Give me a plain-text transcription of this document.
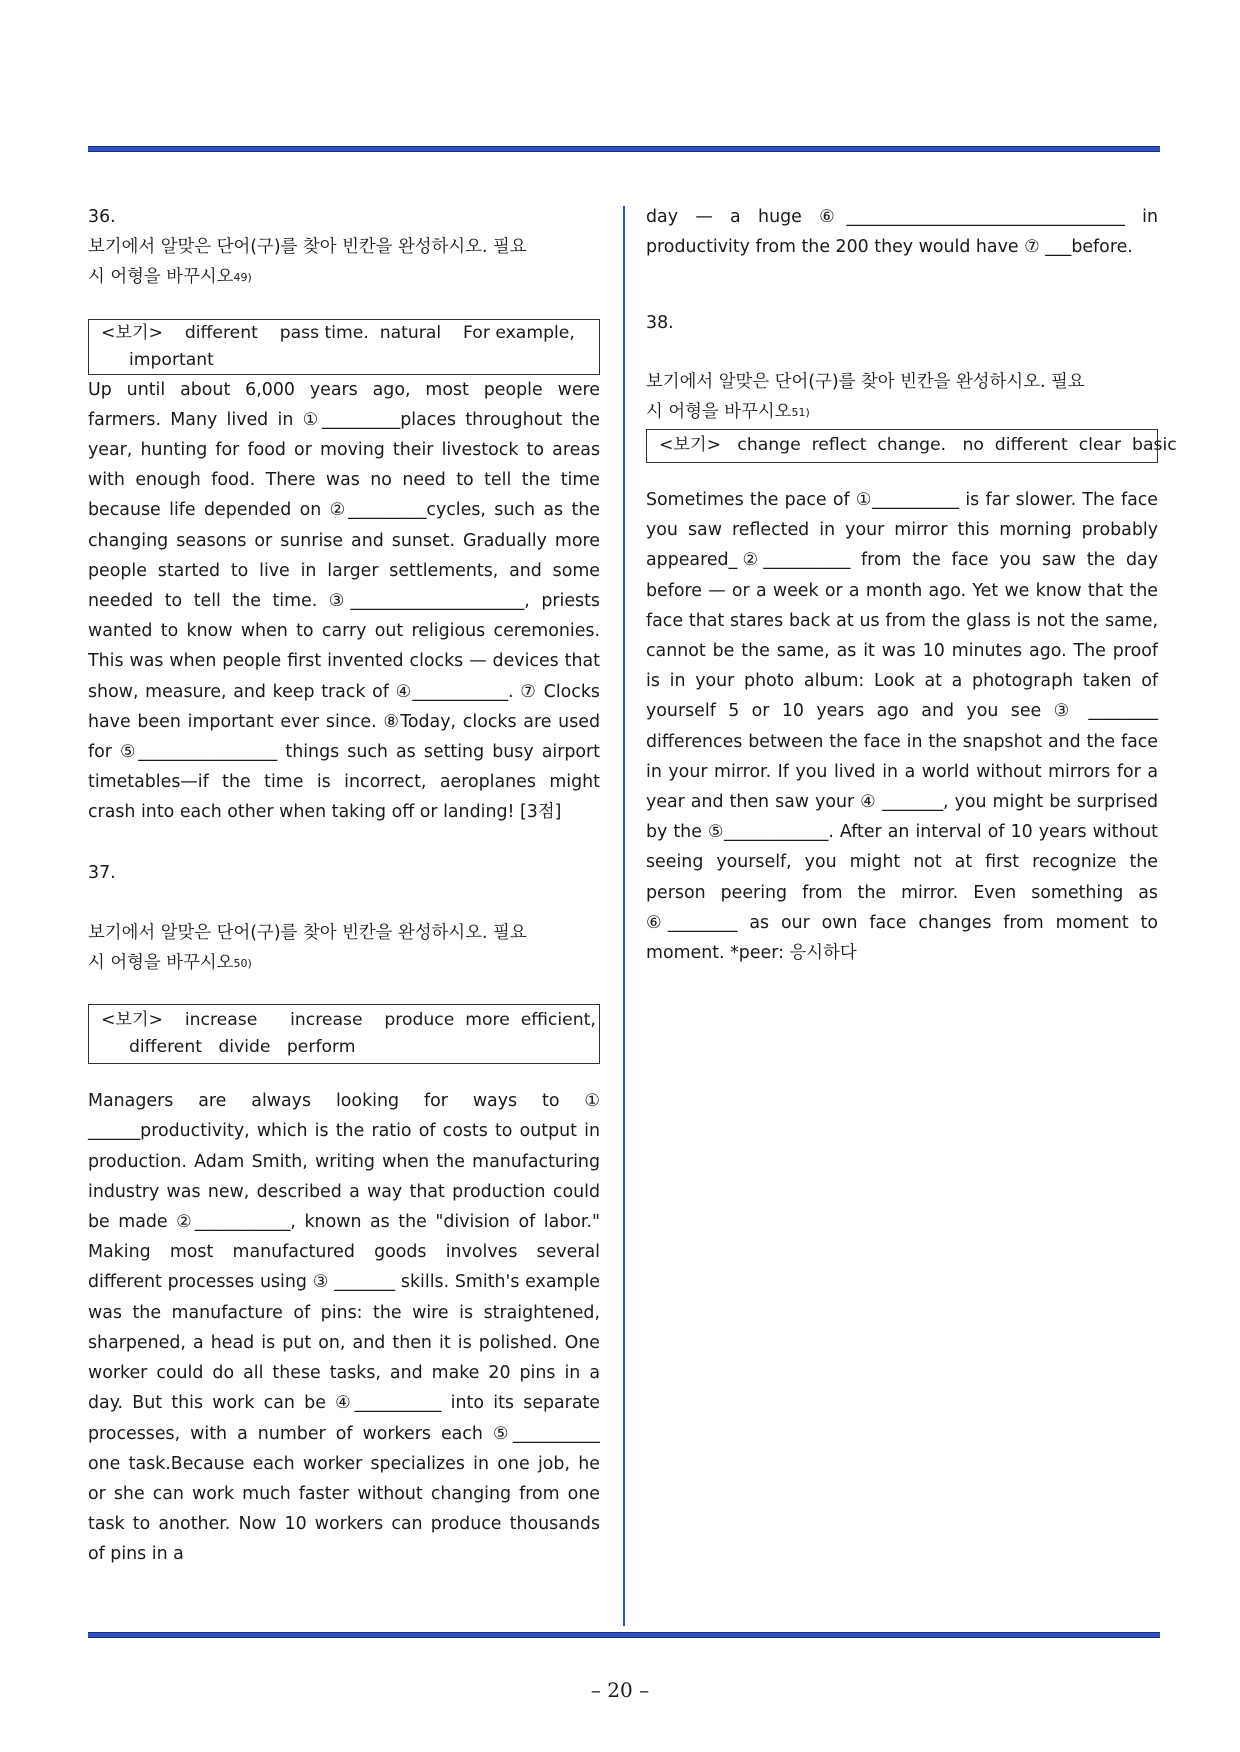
36.

보기에서 알맞은 단어(구)를 찾아 빈칸을 완성하시오. 필요
시 어형을 바꾸시오$^{49)}$

<보기>    different    pass time.  natural    For example,
important

Up until about 6,000 years ago, most people were farmers. Many lived in ①_________places throughout the year, hunting for food or moving their livestock to areas with enough food. There was no need to tell the time because life depended on ②_________cycles, such as the changing seasons or sunrise and sunset. Gradually more people started to live in larger settlements, and some needed to tell the time. ③____________________, priests wanted to know when to carry out religious ceremonies. This was when people first invented clocks — devices that show, measure, and keep track of ④___________. ⑦ Clocks have been important ever since. ⑧Today, clocks are used for ⑤________________ things such as setting busy airport timetables—if the time is incorrect, aeroplanes might crash into each other when taking off or landing! [3점]

37.

보기에서 알맞은 단어(구)를 찾아 빈칸을 완성하시오. 필요
시 어형을 바꾸시오$^{50)}$

<보기>    increase      increase    produce  more  efficient,
different   divide   perform

Managers are always looking for ways to ① ______productivity, which is the ratio of costs to output in production. Adam Smith, writing when the manufacturing industry was new, described a way that production could be made ②___________, known as the "division of labor." Making most manufactured goods involves several different processes using ③ _______ skills. Smith's example was the manufacture of pins: the wire is straightened, sharpened, a head is put on, and then it is polished. One worker could do all these tasks, and make 20 pins in a day. But this work can be ④__________ into its separate processes, with a number of workers each ⑤__________ one task.Because each worker specializes in one job, he or she can work much faster without changing from one task to another. Now 10 workers can produce thousands of pins in a

day — a huge ⑥________________________________ in productivity from the 200 they would have ⑦ ___before.

38.

보기에서 알맞은 단어(구)를 찾아 빈칸을 완성하시오. 필요
시 어형을 바꾸시오$^{51)}$

<보기>   change  reflect  change.   no  different  clear  basic

Sometimes the pace of ①__________ is far slower. The face you saw reflected in your mirror this morning probably appeared_②__________ from the face you saw the day before — or a week or a month ago. Yet we know that the face that stares back at us from the glass is not the same, cannot be the same, as it was 10 minutes ago. The proof is in your photo album: Look at a photograph taken of yourself 5 or 10 years ago and you see ③ ________ differences between the face in the snapshot and the face in your mirror. If you lived in a world without mirrors for a year and then saw your ④ _______, you might be surprised by the ⑤____________. After an interval of 10 years without seeing yourself, you might not at first recognize the person peering from the mirror. Even something as ⑥________ as our own face changes from moment to moment. *peer: 응시하다

– 20 –
